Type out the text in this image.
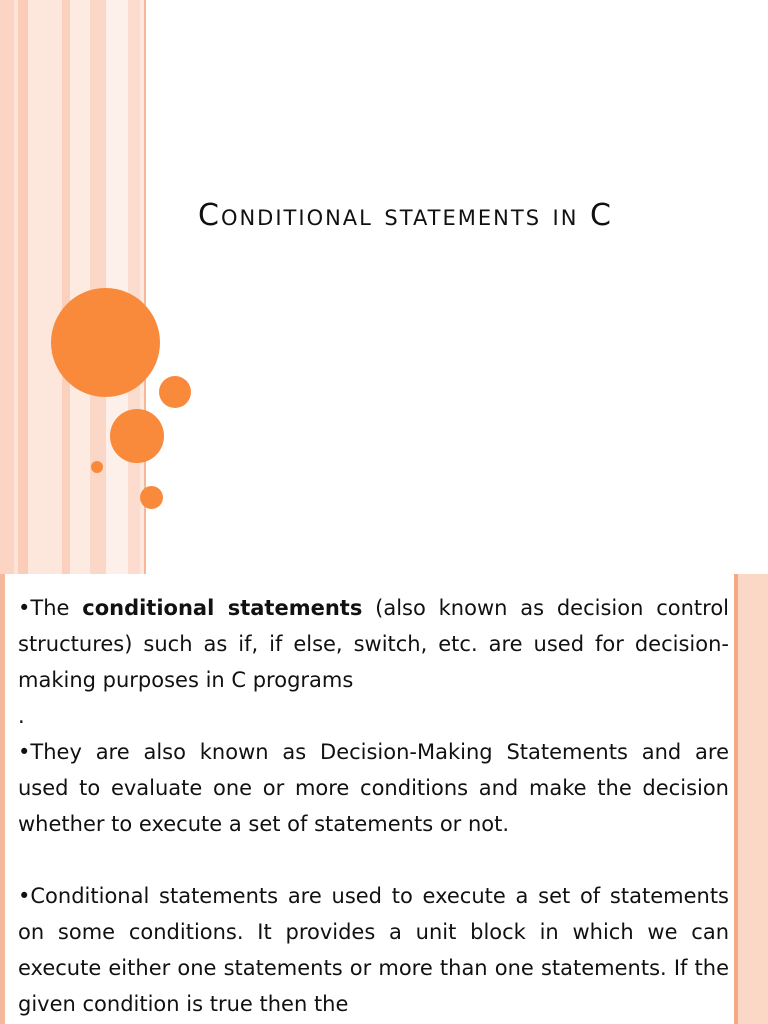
Conditional statements in C

•The conditional statements (also known as decision control structures) such as if, if else, switch, etc. are used for decision-making purposes in C programs

.

•They are also known as Decision-Making Statements and are used to evaluate one or more conditions and make the decision whether to execute a set of statements or not.

•Conditional statements are used to execute a set of statements on some conditions. It provides a unit block in which we can execute either one statements or more than one statements. If the given condition is true then the
